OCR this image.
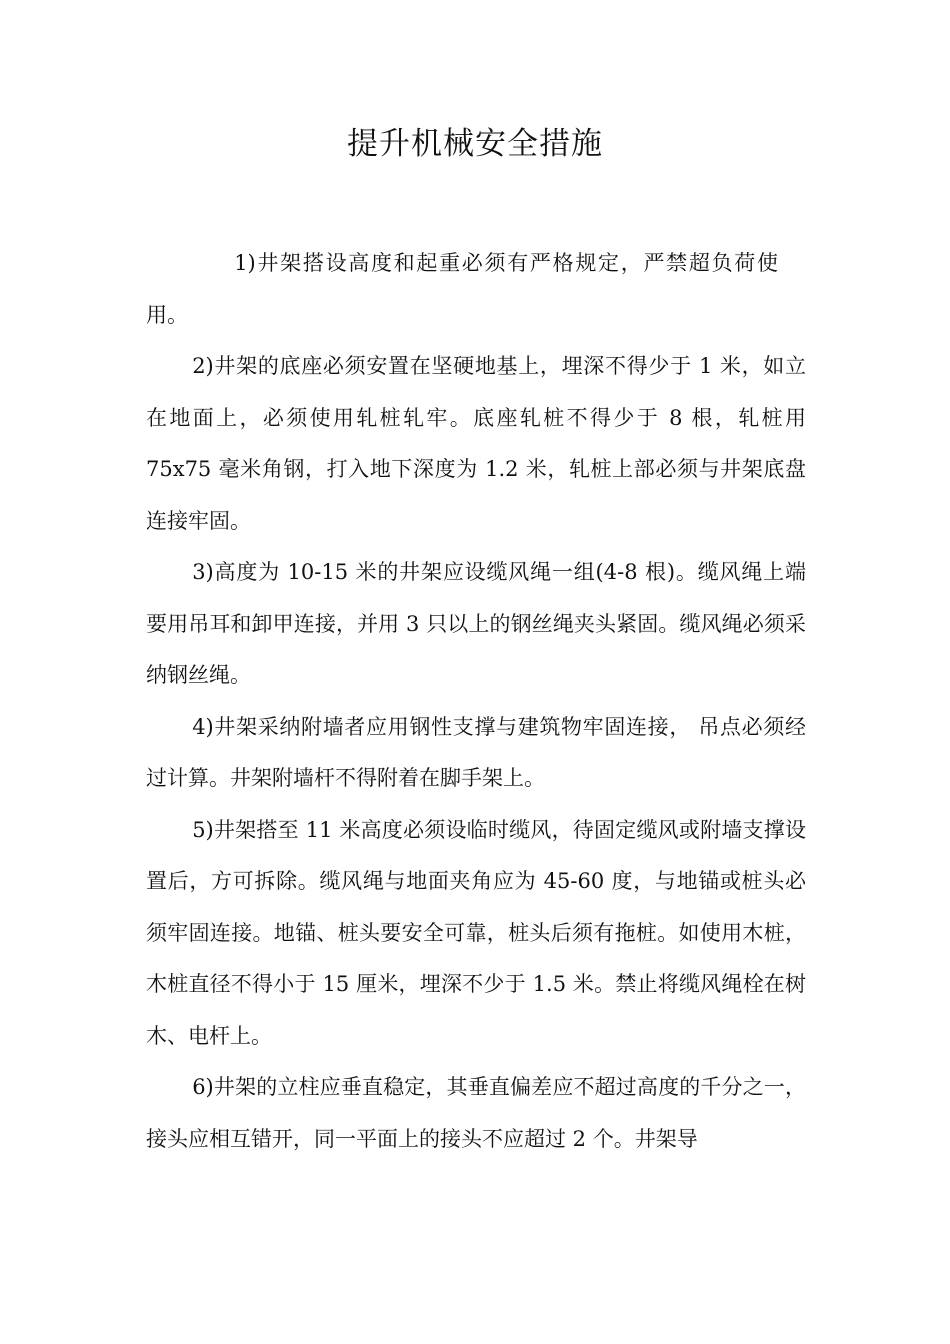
提升机械安全措施

1)井架搭设高度和起重必须有严格规定，严禁超负荷使用。

2)井架的底座必须安置在坚硬地基上，埋深不得少于 1 米，如立在地面上，必须使用轧桩轧牢。底座轧桩不得少于 8 根，轧桩用 75x75 毫米角钢，打入地下深度为 1.2 米，轧桩上部必须与井架底盘连接牢固。

3)高度为 10-15 米的井架应设缆风绳一组(4-8 根)。缆风绳上端要用吊耳和卸甲连接，并用 3 只以上的钢丝绳夹头紧固。缆风绳必须采纳钢丝绳。

4)井架采纳附墙者应用钢性支撑与建筑物牢固连接， 吊点必须经过计算。井架附墙杆不得附着在脚手架上。

5)井架搭至 11 米高度必须设临时缆风，待固定缆风或附墙支撑设置后，方可拆除。缆风绳与地面夹角应为 45-60 度，与地锚或桩头必须牢固连接。地锚、桩头要安全可靠，桩头后须有拖桩。如使用木桩，木桩直径不得小于 15 厘米，埋深不少于 1.5 米。禁止将缆风绳栓在树木、电杆上。

6)井架的立柱应垂直稳定，其垂直偏差应不超过高度的千分之一，接头应相互错开，同一平面上的接头不应超过 2 个。井架导
